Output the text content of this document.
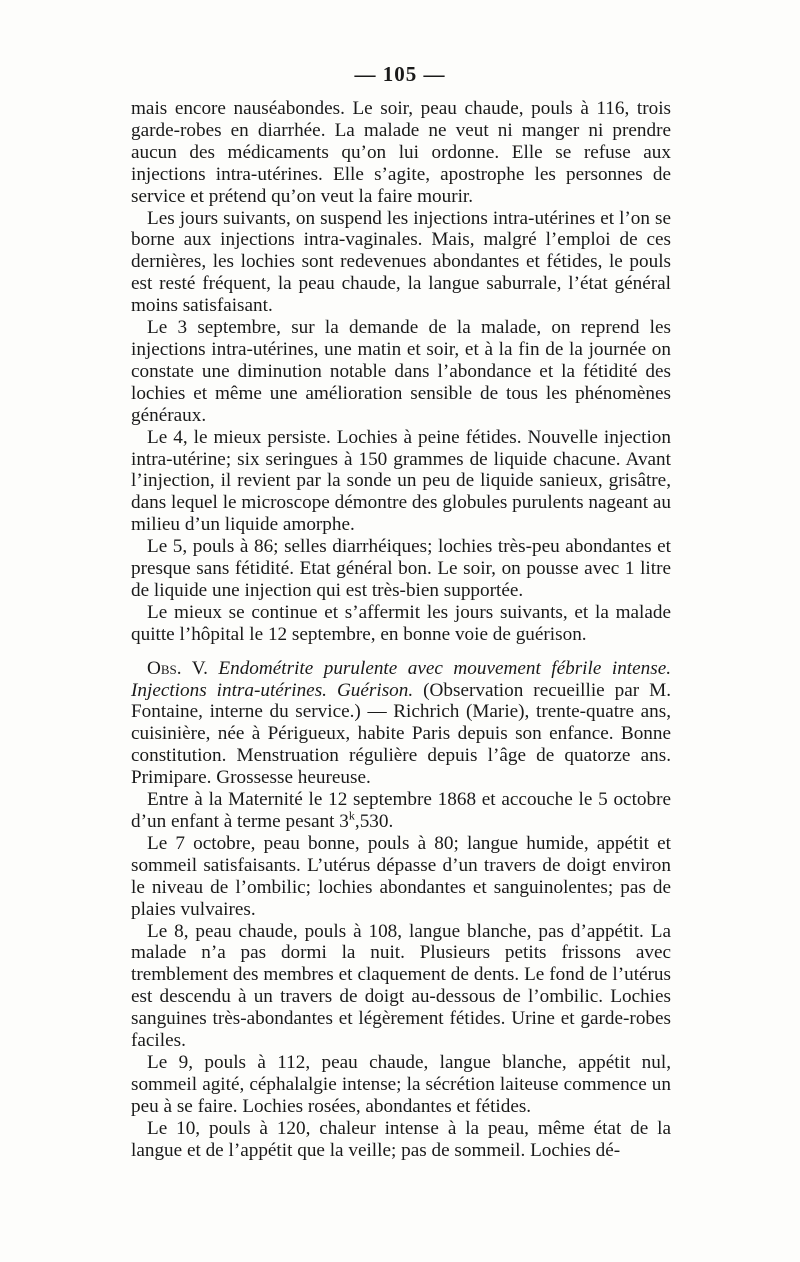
— 105 —

mais encore nauséabondes. Le soir, peau chaude, pouls à 116, trois garde-robes en diarrhée. La malade ne veut ni manger ni prendre aucun des médicaments qu’on lui ordonne. Elle se refuse aux injections intra-utérines. Elle s’agite, apostrophe les personnes de service et prétend qu’on veut la faire mourir.

Les jours suivants, on suspend les injections intra-utérines et l’on se borne aux injections intra-vaginales. Mais, malgré l’emploi de ces dernières, les lochies sont redevenues abondantes et fétides, le pouls est resté fréquent, la peau chaude, la langue saburrale, l’état général moins satisfaisant.

Le 3 septembre, sur la demande de la malade, on reprend les injections intra-utérines, une matin et soir, et à la fin de la journée on constate une diminution notable dans l’abondance et la fétidité des lochies et même une amélioration sensible de tous les phénomènes généraux.

Le 4, le mieux persiste. Lochies à peine fétides. Nouvelle injection intra-utérine; six seringues à 150 grammes de liquide chacune. Avant l’injection, il revient par la sonde un peu de liquide sanieux, grisâtre, dans lequel le microscope démontre des globules purulents nageant au milieu d’un liquide amorphe.

Le 5, pouls à 86; selles diarrhéiques; lochies très-peu abondantes et presque sans fétidité. Etat général bon. Le soir, on pousse avec 1 litre de liquide une injection qui est très-bien supportée.

Le mieux se continue et s’affermit les jours suivants, et la malade quitte l’hôpital le 12 septembre, en bonne voie de guérison.

Obs. V. Endométrite purulente avec mouvement fébrile intense. Injections intra-utérines. Guérison. (Observation recueillie par M. Fontaine, interne du service.) — Richrich (Marie), trente-quatre ans, cuisinière, née à Périgueux, habite Paris depuis son enfance. Bonne constitution. Menstruation régulière depuis l’âge de quatorze ans. Primipare. Grossesse heureuse.

Entre à la Maternité le 12 septembre 1868 et accouche le 5 octobre d’un enfant à terme pesant 3$^k$,530.

Le 7 octobre, peau bonne, pouls à 80; langue humide, appétit et sommeil satisfaisants. L’utérus dépasse d’un travers de doigt environ le niveau de l’ombilic; lochies abondantes et sanguinolentes; pas de plaies vulvaires.

Le 8, peau chaude, pouls à 108, langue blanche, pas d’appétit. La malade n’a pas dormi la nuit. Plusieurs petits frissons avec tremblement des membres et claquement de dents. Le fond de l’utérus est descendu à un travers de doigt au-dessous de l’ombilic. Lochies sanguines très-abondantes et légèrement fétides. Urine et garde-robes faciles.

Le 9, pouls à 112, peau chaude, langue blanche, appétit nul, sommeil agité, céphalalgie intense; la sécrétion laiteuse commence un peu à se faire. Lochies rosées, abondantes et fétides.

Le 10, pouls à 120, chaleur intense à la peau, même état de la langue et de l’appétit que la veille; pas de sommeil. Lochies dé-
